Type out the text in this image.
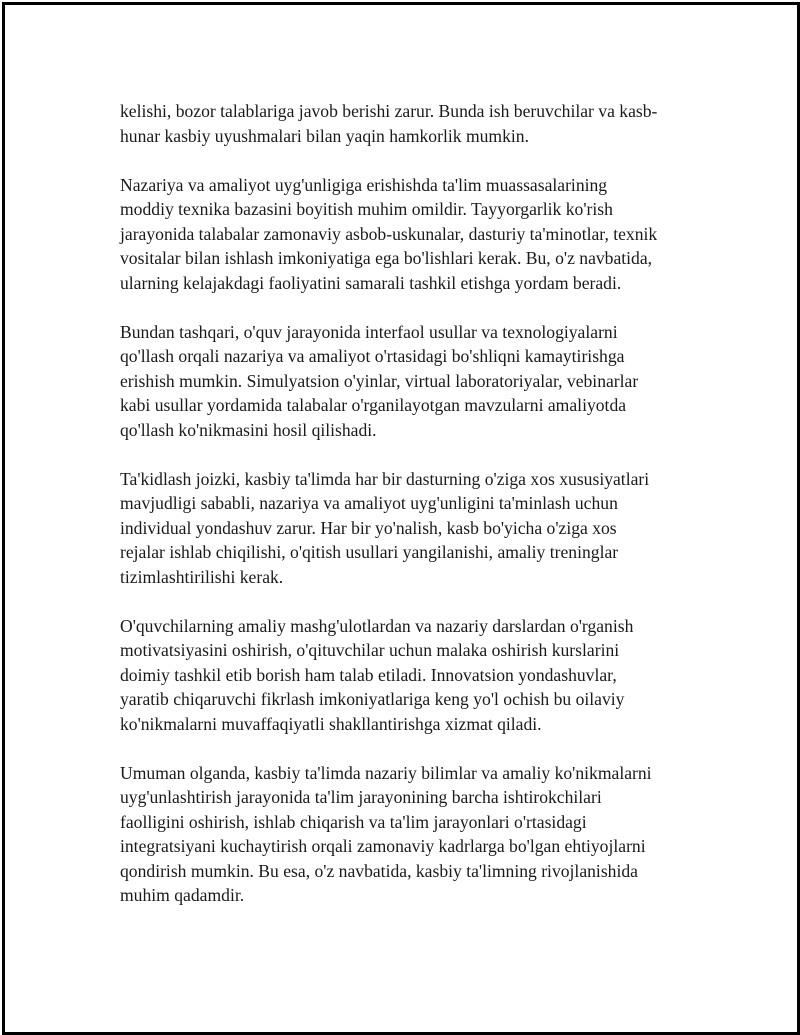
kelishi, bozor talablariga javob berishi zarur. Bunda ish beruvchilar va kasb-
hunar kasbiy uyushmalari bilan yaqin hamkorlik mumkin.

Nazariya va amaliyot uyg'unligiga erishishda ta'lim muassasalarining
moddiy texnika bazasini boyitish muhim omildir. Tayyorgarlik ko'rish
jarayonida talabalar zamonaviy asbob-uskunalar, dasturiy ta'minotlar, texnik
vositalar bilan ishlash imkoniyatiga ega bo'lishlari kerak. Bu, o'z navbatida,
ularning kelajakdagi faoliyatini samarali tashkil etishga yordam beradi.

Bundan tashqari, o'quv jarayonida interfaol usullar va texnologiyalarni
qo'llash orqali nazariya va amaliyot o'rtasidagi bo'shliqni kamaytirishga
erishish mumkin. Simulyatsion o'yinlar, virtual laboratoriyalar, vebinarlar
kabi usullar yordamida talabalar o'rganilayotgan mavzularni amaliyotda
qo'llash ko'nikmasini hosil qilishadi.

Ta'kidlash joizki, kasbiy ta'limda har bir dasturning o'ziga xos xususiyatlari
mavjudligi sababli, nazariya va amaliyot uyg'unligini ta'minlash uchun
individual yondashuv zarur. Har bir yo'nalish, kasb bo'yicha o'ziga xos
rejalar ishlab chiqilishi, o'qitish usullari yangilanishi, amaliy treninglar
tizimlashtirilishi kerak.

O'quvchilarning amaliy mashg'ulotlardan va nazariy darslardan o'rganish
motivatsiyasini oshirish, o'qituvchilar uchun malaka oshirish kurslarini
doimiy tashkil etib borish ham talab etiladi. Innovatsion yondashuvlar,
yaratib chiqaruvchi fikrlash imkoniyatlariga keng yo'l ochish bu oilaviy
ko'nikmalarni muvaffaqiyatli shakllantirishga xizmat qiladi.

Umuman olganda, kasbiy ta'limda nazariy bilimlar va amaliy ko'nikmalarni
uyg'unlashtirish jarayonida ta'lim jarayonining barcha ishtirokchilari
faolligini oshirish, ishlab chiqarish va ta'lim jarayonlari o'rtasidagi
integratsiyani kuchaytirish orqali zamonaviy kadrlarga bo'lgan ehtiyojlarni
qondirish mumkin. Bu esa, o'z navbatida, kasbiy ta'limning rivojlanishida
muhim qadamdir.
